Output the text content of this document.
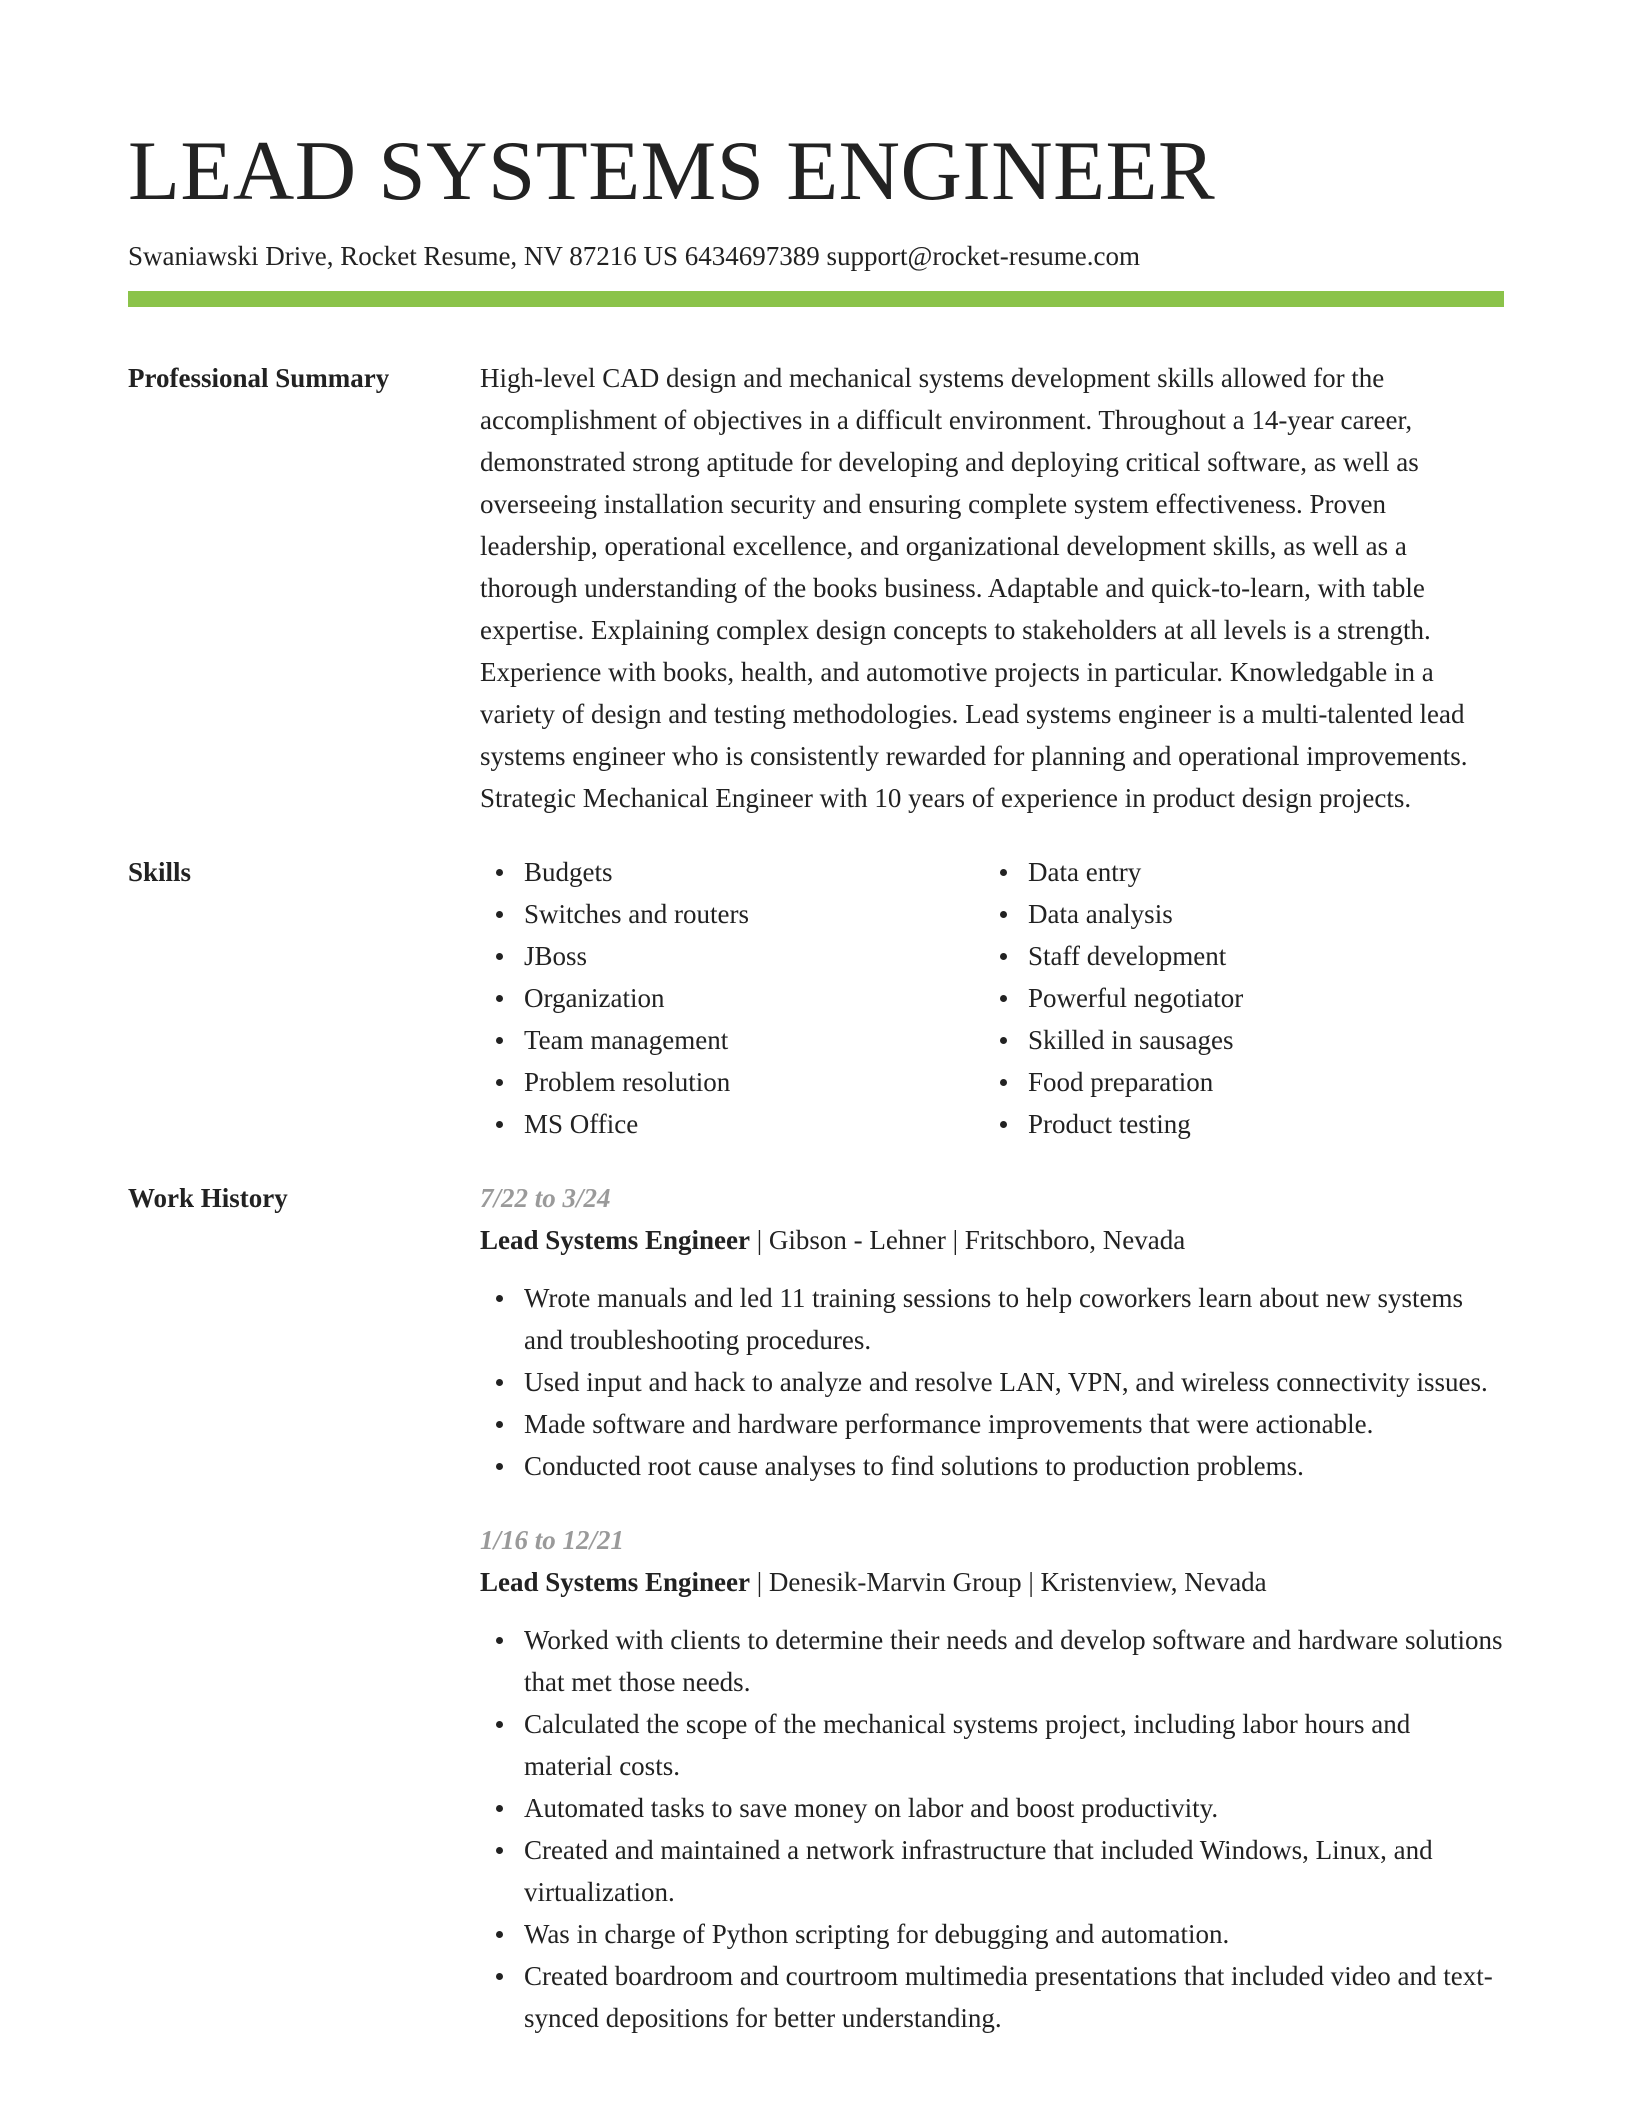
LEAD SYSTEMS ENGINEER
Swaniawski Drive, Rocket Resume, NV 87216 US 6434697389 support@rocket-resume.com
Professional Summary	High-level CAD design and mechanical systems development skills allowed for the accomplishment of objectives in a difficult environment. Throughout a 14-year career, demonstrated strong aptitude for developing and deploying critical software, as well as overseeing installation security and ensuring complete system effectiveness. Proven leadership, operational excellence, and organizational development skills, as well as a thorough understanding of the books business. Adaptable and quick-to-learn, with table expertise. Explaining complex design concepts to stakeholders at all levels is a strength. Experience with books, health, and automotive projects in particular. Knowledgable in a variety of design and testing methodologies. Lead systems engineer is a multi-talented lead systems engineer who is consistently rewarded for planning and operational improvements. Strategic Mechanical Engineer with 10 years of experience in product design projects.

Skills	Budgets
Switches and routers
JBoss
Organization
Team management
Problem resolution
MS Office
Data entry
Data analysis
Staff development
Powerful negotiator
Skilled in sausages
Food preparation
Product testing
Work History	7/22 to 3/24
Lead Systems Engineer | Gibson - Lehner | Fritschboro, Nevada
Wrote manuals and led 11 training sessions to help coworkers learn about new systems and troubleshooting procedures.
Used input and hack to analyze and resolve LAN, VPN, and wireless connectivity issues.
Made software and hardware performance improvements that were actionable.
Conducted root cause analyses to find solutions to production problems.
1/16 to 12/21
Lead Systems Engineer | Denesik-Marvin Group | Kristenview, Nevada
Worked with clients to determine their needs and develop software and hardware solutions that met those needs.
Calculated the scope of the mechanical systems project, including labor hours and material costs.
Automated tasks to save money on labor and boost productivity.
Created and maintained a network infrastructure that included Windows, Linux, and virtualization.
Was in charge of Python scripting for debugging and automation.
Created boardroom and courtroom multimedia presentations that included video and text-synced depositions for better understanding.
